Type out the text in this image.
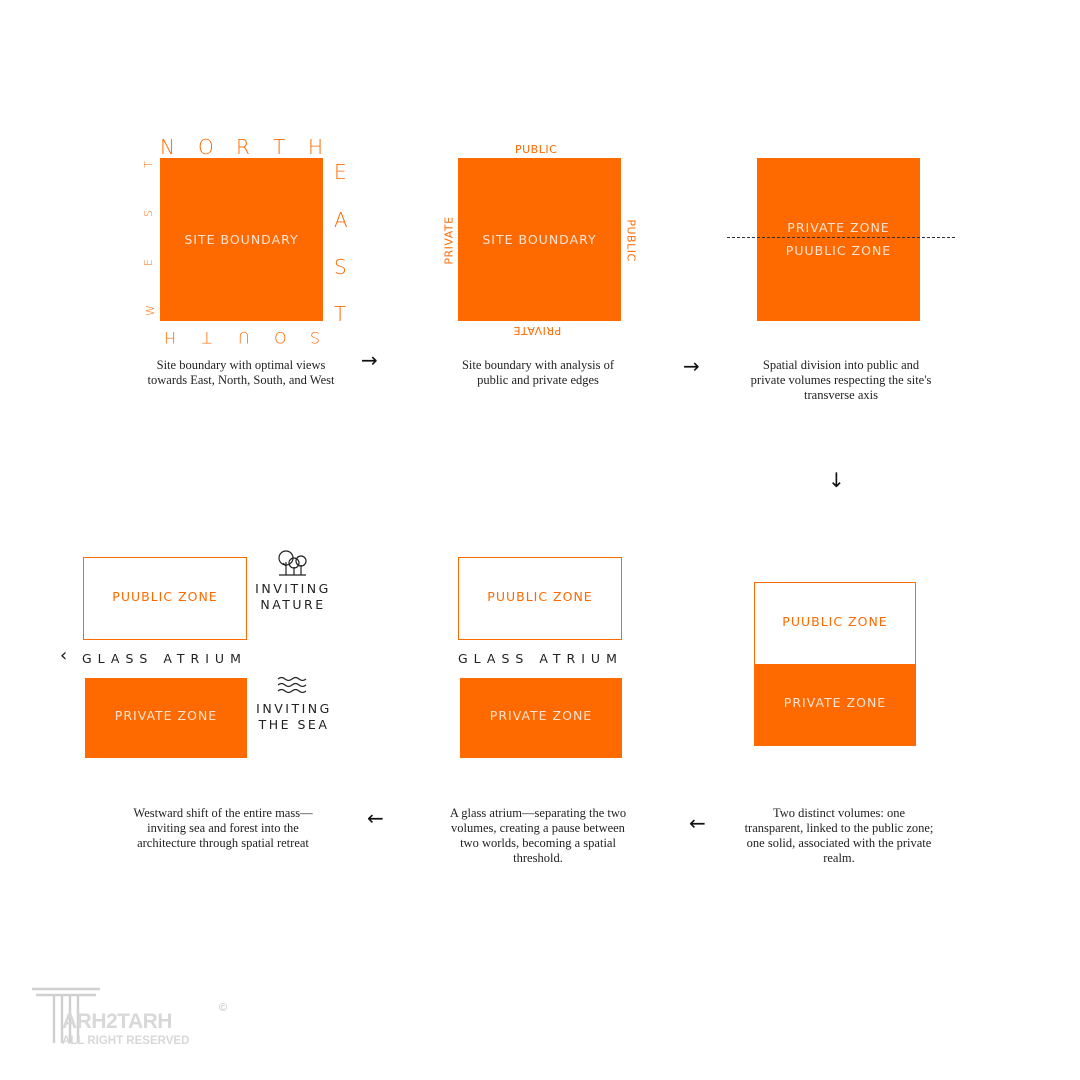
SITE BOUNDARY
N O R T H
E
A
S
T
S
O
U
T
H
W
E
S
T
Site boundary with optimal views towards East, North, South, and West
→
SITE BOUNDARY
PUBLIC
PRIVATE
PRIVATE	PUBLIC
Site boundary with analysis of public and private edges
→
PRIVATE ZONE
PUUBLIC ZONE
Spatial division into public and private volumes respecting the site's transverse axis
↓
PUUBLIC ZONE
PRIVATE ZONE
Two distinct volumes: one transparent, linked to the public zone; one solid, associated with the private realm.
←
PUUBLIC ZONE
GLASS ATRIUM
PRIVATE ZONE
A glass atrium—separating the two volumes, creating a pause between two worlds, becoming a spatial threshold.
←
PUUBLIC ZONE
‹ GLASS ATRIUM
PRIVATE ZONE
INVITING
NATURE
INVITING
THE SEA
Westward shift of the entire mass—inviting sea and forest into the architecture through spatial retreat
ARH2TARH
ALL RIGHT RESERVED
©
